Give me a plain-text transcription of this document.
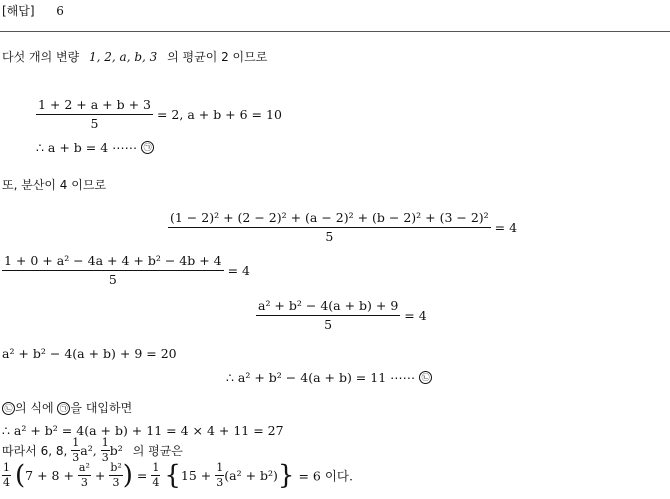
[해답] 6
다섯 개의 변량 1, 2, a, b, 3 의 평균이 2 이므로
$\frac{1 + 2 + a + b + 3}{5} = 2$, a + b + 6 = 10
∴ a + b = 4 ⋯⋯ ㉠
또, 분산이 4 이므로
$\frac{\text{(1 − 2)² + (2 − 2)² + (a − 2)² + (b − 2)² + (3 − 2)²}}{5} = 4$
$\frac{\text{1 + 0 + a² − 4a + 4 + b² − 4b + 4}}{5} = 4$
$\frac{\text{a² + b² − 4(a + b) + 9}}{5} = 4$
a² + b² − 4(a + b) + 9 = 20
∴ a² + b² − 4(a + b) = 11 ⋯⋯ ㉡
㉡ 의 식에 ㉠ 을 대입하면
∴ a² + b² = 4(a + b) + 11 = 4 × 4 + 11 = 27
따라서 6, 8, $\frac{1}{3} a^2$, $\frac{1}{3} b^2$ 의 평균은
$\frac{1}{4} (7 + 8 + \frac{\text{a²}}{3} + \frac{\text{b²}}{3}$ ) = $\frac{1}{4} \{15 + \frac{1}{3} (a^2 + b^2)\} = 6$ 이다.
